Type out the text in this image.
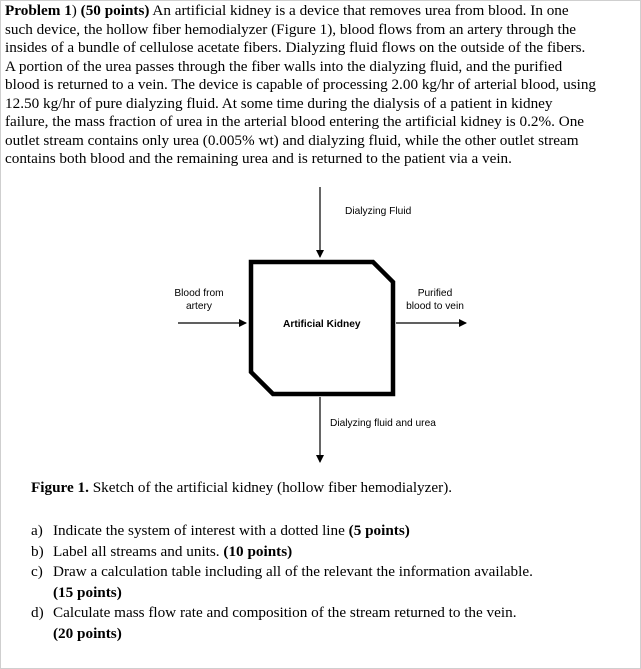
Problem 1) (50 points) An artificial kidney is a device that removes urea from blood. In one
such device, the hollow fiber hemodialyzer (Figure 1), blood flows from an artery through the
insides of a bundle of cellulose acetate fibers. Dialyzing fluid flows on the outside of the fibers.
A portion of the urea passes through the fiber walls into the dialyzing fluid, and the purified
blood is returned to a vein. The device is capable of processing 2.00 kg/hr of arterial blood, using
12.50 kg/hr of pure dialyzing fluid. At some time during the dialysis of a patient in kidney
failure, the mass fraction of urea in the arterial blood entering the artificial kidney is 0.2%. One
outlet stream contains only urea (0.005% wt) and dialyzing fluid, while the other outlet stream
contains both blood and the remaining urea and is returned to the patient via a vein.
Dialyzing Fluid
Blood from
artery
Purified
blood to vein
Artificial Kidney
Dialyzing fluid and urea
Figure 1. Sketch of the artificial kidney (hollow fiber hemodialyzer).
a) Indicate the system of interest with a dotted line (5 points)
b) Label all streams and units. (10 points)
c) Draw a calculation table including all of the relevant the information available.
(15 points)
d) Calculate mass flow rate and composition of the stream returned to the vein.
(20 points)
